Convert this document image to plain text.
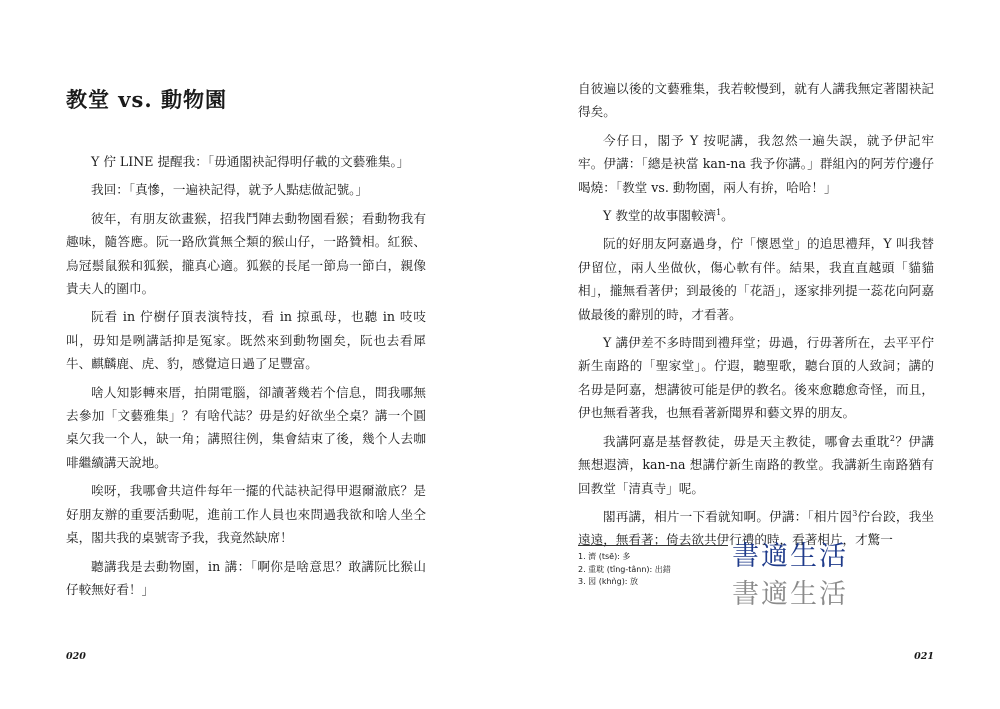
教堂 vs. 動物園

Y 佇 LINE 提醒我：「毋通閣袂記得明仔載的文藝雅集。」

我回：「真慘，一遍袂記得，就予人點痣做記號。」

彼年，有朋友欲畫猴，招我鬥陣去動物園看猴；看動物我有趣味，隨答應。阮一路欣賞無仝類的猴山仔，一路贊相。紅猴、烏冠鬃鼠猴和狐猴，攏真心適。狐猴的長尾一節烏一節白，親像貴夫人的圍巾。

阮看 in 佇樹仔頂表演特技，看 in 掠虱母，也聽 in 吱吱叫，毋知是咧講話抑是冤家。既然來到動物園矣，阮也去看犀牛、麒麟鹿、虎、豹，感覺這日過了足豐富。

啥人知影轉來厝，拍開電腦，卻讀著幾若个信息，問我哪無去參加「文藝雅集」？有啥代誌？毋是約好欲坐仝桌？講一个圓桌欠我一个人，缺一角；講照往例，集會結束了後，幾个人去咖啡繼續講天說地。

唉呀，我哪會共這件每年一擺的代誌袂記得甲遐爾澈底？是好朋友辦的重要活動呢，進前工作人員也來問過我欲和啥人坐仝桌，閣共我的桌號寄予我，我竟然缺席！

聽講我是去動物園，in 講：「啊你是啥意思？敢講阮比猴山仔較無好看！」

020

自彼遍以後的文藝雅集，我若較慢到，就有人講我無定著閣袂記得矣。

今仔日，閣予 Y 按呢講，我忽然一遍失誤，就予伊記牢牢。伊講：「總是袂當 kan-na 我予你講。」群組內的阿芳佇邊仔喝燒：「教堂 vs. 動物園，兩人有拚，哈哈！」

Y 教堂的故事閣較濟$^1$。

阮的好朋友阿嘉過身，佇「懷恩堂」的追思禮拜，Y 叫我替伊留位，兩人坐做伙，傷心軟有伴。結果，我直直越頭「貓貓相」，攏無看著伊；到最後的「花語」，逐家排列提一蕊花向阿嘉做最後的辭別的時，才看著。

Y 講伊差不多時間到禮拜堂；毋過，行毋著所在，去平平佇新生南路的「聖家堂」。佇遐，聽聖歌，聽台頂的人致詞；講的名毋是阿嘉，想講彼可能是伊的教名。後來愈聽愈奇怪，而且，伊也無看著我，也無看著新聞界和藝文界的朋友。

我講阿嘉是基督教徒，毋是天主教徒，哪會去重耽$^2$？伊講無想遐濟，kan-na 想講佇新生南路的教堂。我講新生南路猶有回教堂「清真寺」呢。

閣再講，相片一下看就知啊。伊講：「相片囥$^3$佇台跤，我坐遠遠，無看著；倚去欲共伊行禮的時，看著相片，才驚一

1. 濟 (tsē): 多

2. 重耽 (tîng-tânn): 出錯

3. 囥 (khǹg): 放

書適生活
書適生活
021
